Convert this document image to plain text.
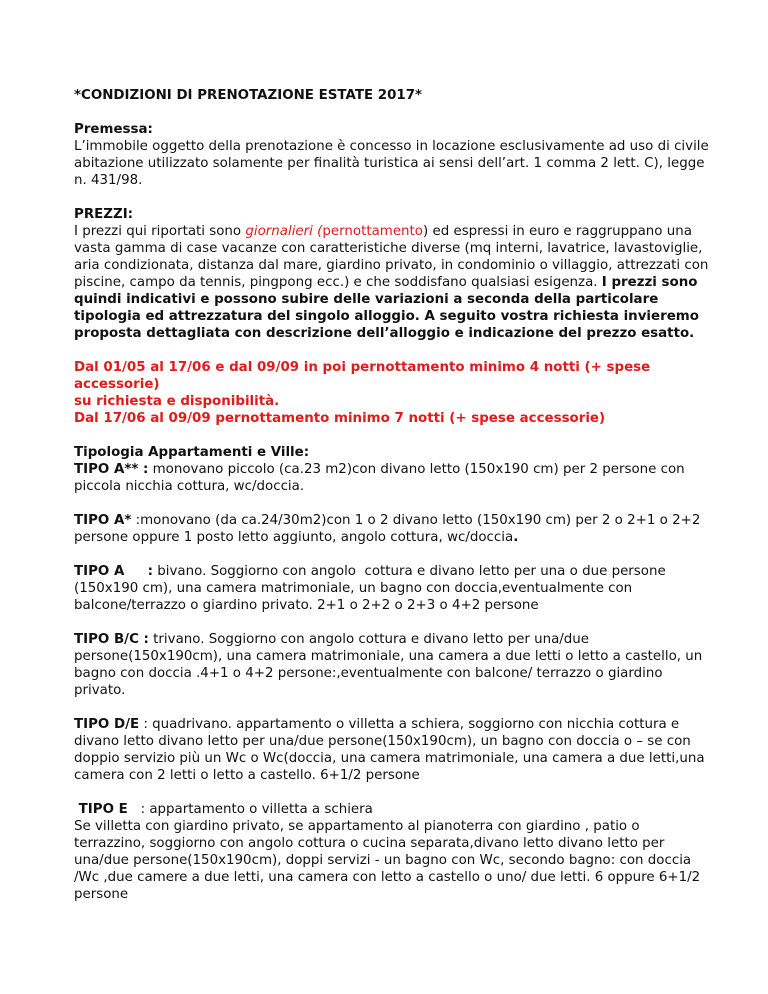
*CONDIZIONI DI PRENOTAZIONE ESTATE 2017*

Premessa:

L’immobile oggetto della prenotazione è concesso in locazione esclusivamente ad uso di civile abitazione utilizzato solamente per finalità turistica ai sensi dell’art. 1 comma 2 lett. C), legge n. 431/98.

PREZZI:

I prezzi qui riportati sono giornalieri (pernottamento) ed espressi in euro e raggruppano una vasta gamma di case vacanze con caratteristiche diverse (mq interni, lavatrice, lavastoviglie, aria condizionata, distanza dal mare, giardino privato, in condominio o villaggio, attrezzati con piscine, campo da tennis, pingpong ecc.) e che soddisfano qualsiasi esigenza. I prezzi sono quindi indicativi e possono subire delle variazioni a seconda della particolare tipologia ed attrezzatura del singolo alloggio. A seguito vostra richiesta invieremo proposta dettagliata con descrizione dell’alloggio e indicazione del prezzo esatto.

Dal 01/05 al 17/06 e dal 09/09 in poi pernottamento minimo 4 notti (+ spese accessorie)

su richiesta e disponibilità.

Dal 17/06 al 09/09 pernottamento minimo 7 notti (+ spese accessorie)

Tipologia Appartamenti e Ville:

TIPO A** : monovano piccolo (ca.23 m2)con divano letto (150x190 cm) per 2 persone con piccola nicchia cottura, wc/doccia.

TIPO A* :monovano (da ca.24/30m2)con 1 o 2 divano letto (150x190 cm) per 2 o 2+1 o 2+2 persone oppure 1 posto letto aggiunto, angolo cottura, wc/doccia.

TIPO A     : bivano. Soggiorno con angolo  cottura e divano letto per una o due persone (150x190 cm), una camera matrimoniale, un bagno con doccia,eventualmente con balcone/terrazzo o giardino privato. 2+1 o 2+2 o 2+3 o 4+2 persone

TIPO B/C : trivano. Soggiorno con angolo cottura e divano letto per una/due persone(150x190cm), una camera matrimoniale, una camera a due letti o letto a castello, un bagno con doccia .4+1 o 4+2 persone:,eventualmente con balcone/ terrazzo o giardino privato.

TIPO D/E : quadrivano. appartamento o villetta a schiera, soggiorno con nicchia cottura e divano letto divano letto per una/due persone(150x190cm), un bagno con doccia o – se con doppio servizio più un Wc o Wc(doccia, una camera matrimoniale, una camera a due letti,una camera con 2 letti o letto a castello. 6+1/2 persone

TIPO E   : appartamento o villetta a schiera

Se villetta con giardino privato, se appartamento al pianoterra con giardino , patio o terrazzino, soggiorno con angolo cottura o cucina separata,divano letto divano letto per una/due persone(150x190cm), doppi servizi - un bagno con Wc, secondo bagno: con doccia /Wc ,due camere a due letti, una camera con letto a castello o uno/ due letti. 6 oppure 6+1/2 persone
